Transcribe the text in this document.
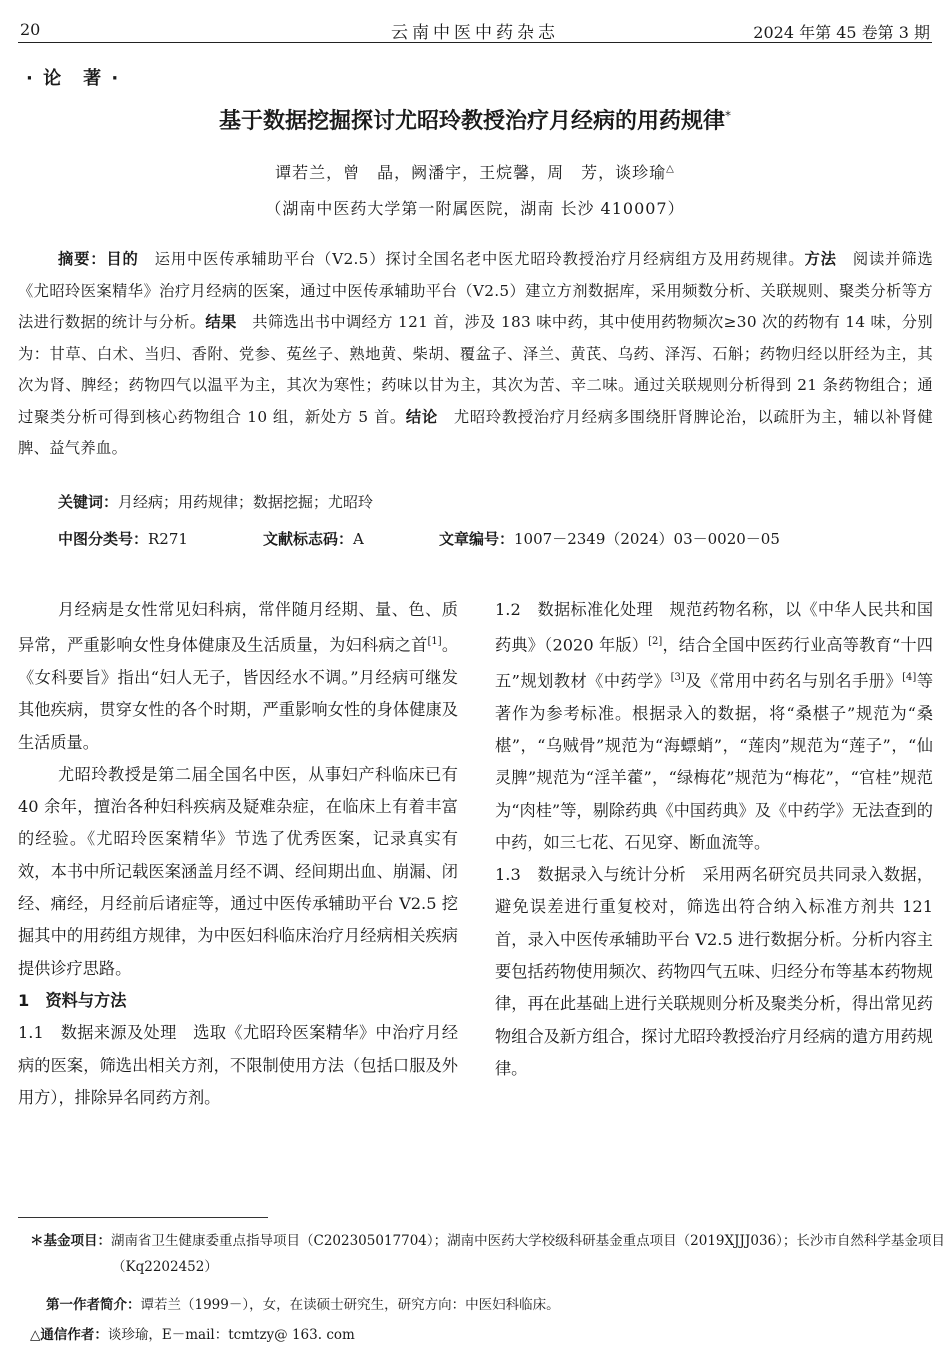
20	云南中医中药杂志	2024 年第 45 卷第 3 期
· 论　著 ·
基于数据挖掘探讨尤昭玲教授治疗月经病的用药规律*
谭若兰，曾　晶，阙潘宇，王烷馨，周　芳，谈珍瑜△
（湖南中医药大学第一附属医院，湖南 长沙 410007）
摘要：目的　 运用中医传承辅助平台（V2.5）探讨全国名老中医尤昭玲教授治疗月经病组方及用药规律。方法　 阅读并筛选《尤昭玲医案精华》治疗月经病的医案，通过中医传承辅助平台（V2.5）建立方剂数据库，采用频数分析、关联规则、聚类分析等方法进行数据的统计与分析。结果　 共筛选出书中调经方 121 首，涉及 183 味中药，其中使用药物频次≥30 次的药物有 14 味，分别为：甘草、白术、当归、香附、党参、菟丝子、熟地黄、柴胡、覆盆子、泽兰、黄芪、乌药、泽泻、石斛；药物归经以肝经为主，其次为肾、脾经；药物四气以温平为主，其次为寒性；药味以甘为主，其次为苦、辛二味。通过关联规则分析得到 21 条药物组合；通过聚类分析可得到核心药物组合 10 组，新处方 5 首。结论　 尤昭玲教授治疗月经病多围绕肝肾脾论治，以疏肝为主，辅以补肾健脾、益气养血。
关键词：月经病；用药规律；数据挖掘；尤昭玲
中图分类号：R271	文献标志码：A	文章编号：1007－2349（2024）03－0020－05

月经病是女性常见妇科病，常伴随月经期、量、色、质异常，严重影响女性身体健康及生活质量，为妇科病之首[1]。《女科要旨》指出“妇人无子，皆因经水不调。”月经病可继发其他疾病，贯穿女性的各个时期，严重影响女性的身体健康及生活质量。

尤昭玲教授是第二届全国名中医，从事妇产科临床已有 40 余年，擅治各种妇科疾病及疑难杂症，在临床上有着丰富的经验。《尤昭玲医案精华》节选了优秀医案，记录真实有效，本书中所记载医案涵盖月经不调、经间期出血、崩漏、闭经、痛经，月经前后诸症等，通过中医传承辅助平台 V2.5 挖掘其中的用药组方规律，为中医妇科临床治疗月经病相关疾病提供诊疗思路。

1　资料与方法

1.1　数据来源及处理　 选取《尤昭玲医案精华》中治疗月经病的医案，筛选出相关方剂，不限制使用方法（包括口服及外用方），排除异名同药方剂。

1.2　数据标准化处理　 规范药物名称，以《中华人民共和国药典》（2020 年版）[2]，结合全国中医药行业高等教育“十四五”规划教材《中药学》[3]及《常用中药名与别名手册》[4]等著作为参考标准。根据录入的数据，将“桑椹子”规范为“桑椹”，“乌贼骨”规范为“海螵蛸”，“莲肉”规范为“莲子”，“仙灵脾”规范为“淫羊藿”，“绿梅花”规范为“梅花”，“官桂”规范为“肉桂”等，剔除药典《中国药典》及《中药学》无法查到的中药，如三七花、石见穿、断血流等。

1.3　数据录入与统计分析　 采用两名研究员共同录入数据，避免误差进行重复校对，筛选出符合纳入标准方剂共 121 首，录入中医传承辅助平台 V2.5 进行数据分析。分析内容主要包括药物使用频次、药物四气五味、归经分布等基本药物规律，再在此基础上进行关联规则分析及聚类分析，得出常见药物组合及新方组合，探讨尤昭玲教授治疗月经病的遣方用药规律。

＊基金项目：湖南省卫生健康委重点指导项目（C202305017704）；湖南中医药大学校级科研基金重点项目（2019XJJJ036）；长沙市自然科学基金项目（Kq2202452）
第一作者简介：谭若兰（1999－），女，在读硕士研究生，研究方向：中医妇科临床。
△通信作者：谈珍瑜，E－mail：tcmtzy@ 163. com
